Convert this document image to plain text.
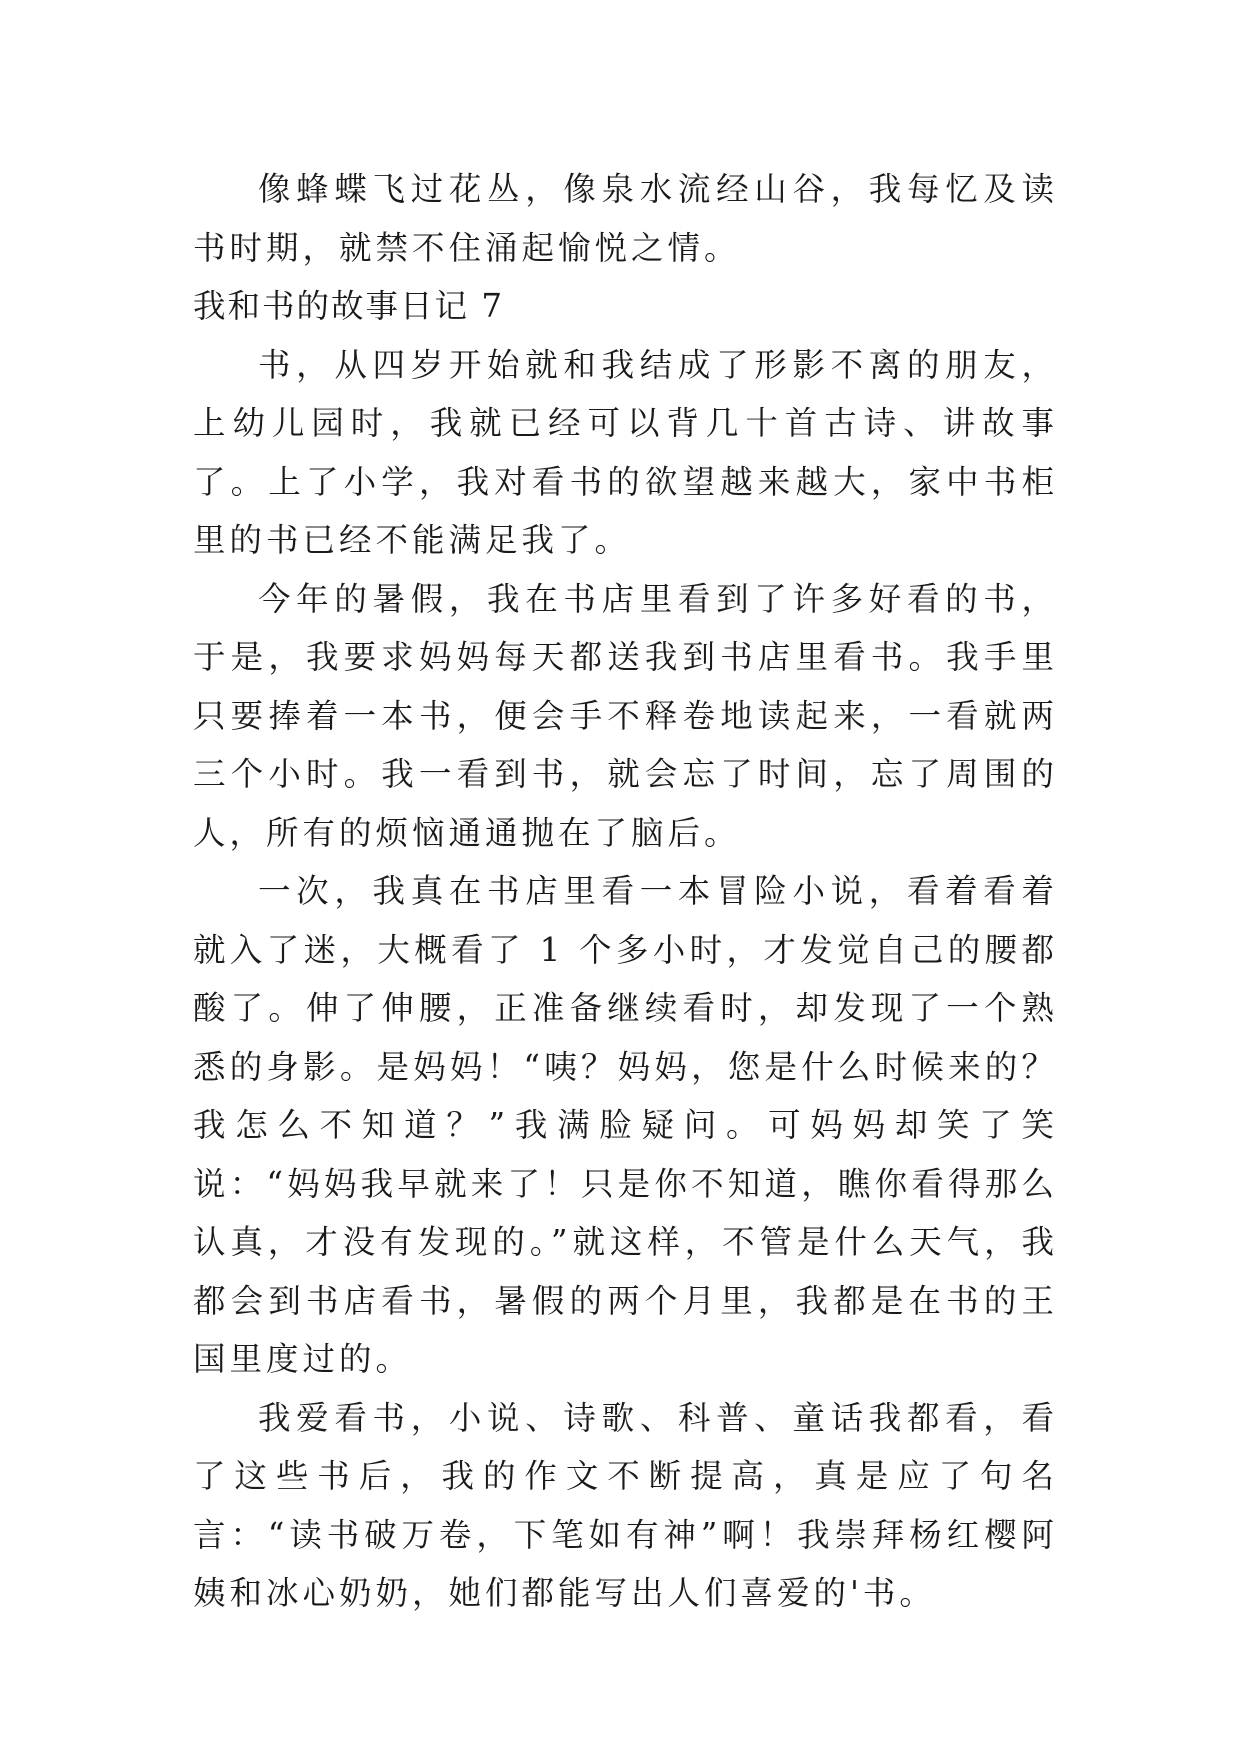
像蜂蝶飞过花丛，像泉水流经山谷，我每忆及读书时期，就禁不住涌起愉悦之情。

我和书的故事日记 7

书，从四岁开始就和我结成了形影不离的朋友，上幼儿园时，我就已经可以背几十首古诗、讲故事了。上了小学，我对看书的欲望越来越大，家中书柜里的书已经不能满足我了。

今年的暑假，我在书店里看到了许多好看的书，于是，我要求妈妈每天都送我到书店里看书。我手里只要捧着一本书，便会手不释卷地读起来，一看就两三个小时。我一看到书，就会忘了时间，忘了周围的人，所有的烦恼通通抛在了脑后。

一次，我真在书店里看一本冒险小说，看着看着就入了迷，大概看了 1 个多小时，才发觉自己的腰都酸了。伸了伸腰，正准备继续看时，却发现了一个熟悉的身影。是妈妈！“咦？妈妈，您是什么时候来的？我怎么不知道？”我满脸疑问。可妈妈却笑了笑说：“妈妈我早就来了！只是你不知道，瞧你看得那么认真，才没有发现的。”就这样，不管是什么天气，我都会到书店看书，暑假的两个月里，我都是在书的王国里度过的。

我爱看书，小说、诗歌、科普、童话我都看，看了这些书后，我的作文不断提高，真是应了句名言：“读书破万卷，下笔如有神”啊！我崇拜杨红樱阿姨和冰心奶奶，她们都能写出人们喜爱的'书。
